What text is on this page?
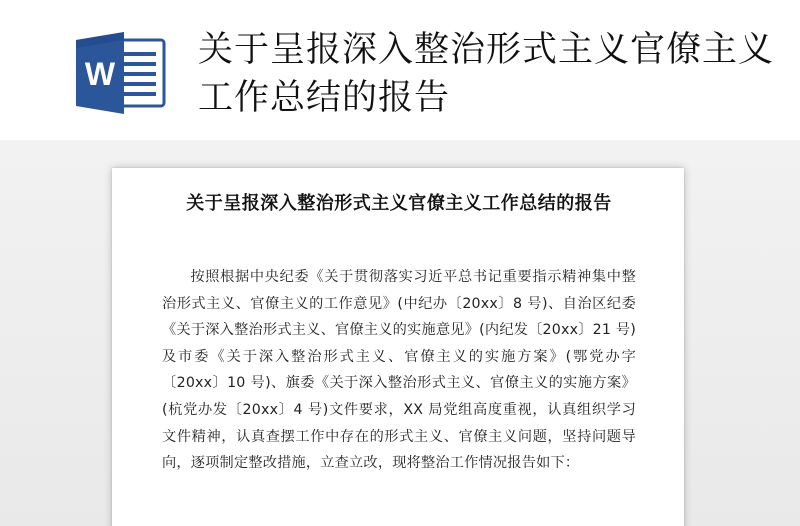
W
关于呈报深入整治形式主义官僚主义工作总结的报告
关于呈报深入整治形式主义官僚主义工作总结的报告
按照根据中央纪委《关于贯彻落实习近平总书记重要指示精神集中整治形式主义、官僚主义的工作意见》(中纪办〔20xx〕8 号)、自治区纪委《关于深入整治形式主义、官僚主义的实施意见》(内纪发〔20xx〕21 号)及市委《关于深入整治形式主义、官僚主义的实施方案》(鄂党办字〔20xx〕10 号)、旗委《关于深入整治形式主义、官僚主义的实施方案》(杭党办发〔20xx〕4 号)文件要求，XX 局党组高度重视，认真组织学习文件精神，认真查摆工作中存在的形式主义、官僚主义问题，坚持问题导向，逐项制定整改措施，立查立改，现将整治工作情况报告如下：
